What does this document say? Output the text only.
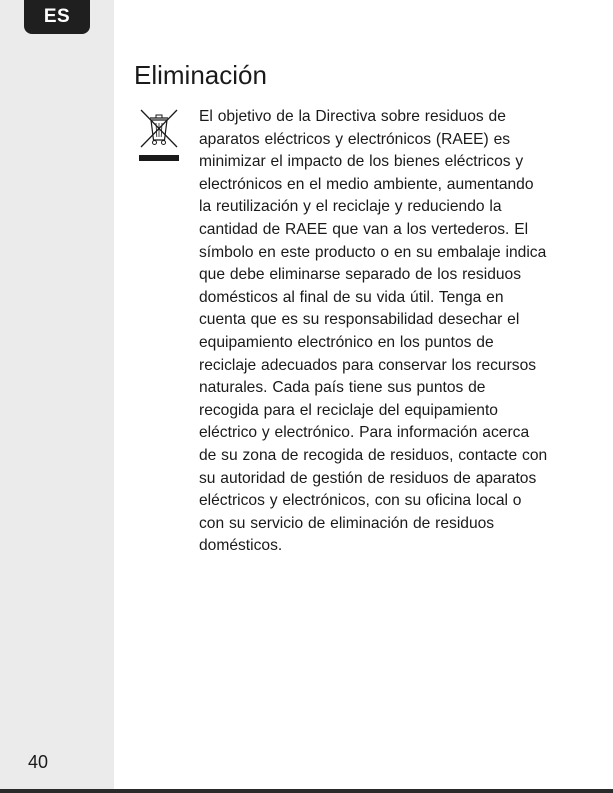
ES
40
Eliminación

El objetivo de la Directiva sobre residuos de aparatos eléctricos y electrónicos (RAEE) es minimizar el impacto de los bienes eléctricos y electrónicos en el medio ambiente, aumentando la reutilización y el reciclaje y reduciendo la cantidad de RAEE que van a los vertederos. El símbolo en este producto o en su embalaje indica que debe eliminarse separado de los residuos domésticos al final de su vida útil. Tenga en cuenta que es su responsabilidad desechar el equipamiento electrónico en los puntos de reciclaje adecuados para conservar los recursos naturales. Cada país tiene sus puntos de recogida para el reciclaje del equipamiento eléctrico y electrónico. Para información acerca de su zona de recogida de residuos, contacte con su autoridad de gestión de residuos de aparatos eléctricos y electrónicos, con su oficina local o con su servicio de eliminación de residuos domésticos.
